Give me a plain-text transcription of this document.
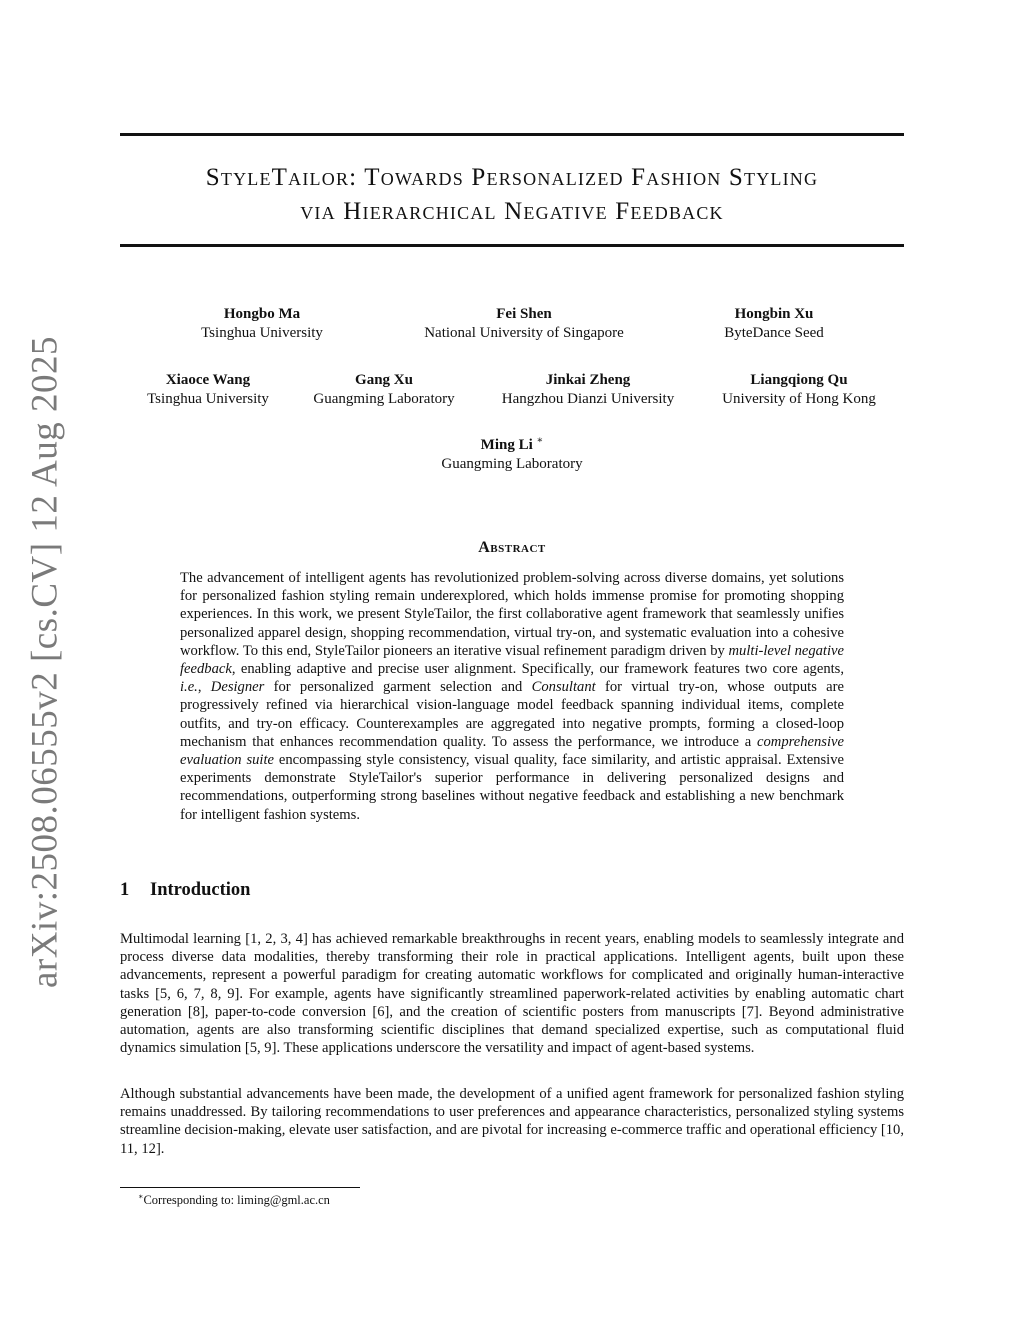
arXiv:2508.06555v2 [cs.CV] 12 Aug 2025
StyleTailor: Towards Personalized Fashion Styling
via Hierarchical Negative Feedback
Hongbo Ma
Tsinghua University
Fei Shen
National University of Singapore
Hongbin Xu
ByteDance Seed
Xiaoce Wang
Tsinghua University
Gang Xu
Guangming Laboratory
Jinkai Zheng
Hangzhou Dianzi University
Liangqiong Qu
University of Hong Kong
Ming Li ∗
Guangming Laboratory
Abstract

The advancement of intelligent agents has revolutionized problem-solving across diverse domains, yet solutions for personalized fashion styling remain underexplored, which holds immense promise for promoting shopping experiences. In this work, we present StyleTailor, the first collaborative agent framework that seamlessly unifies personalized apparel design, shopping recommendation, virtual try-on, and systematic evaluation into a cohesive workflow. To this end, StyleTailor pioneers an iterative visual refinement paradigm driven by multi-level negative feedback, enabling adaptive and precise user alignment. Specifically, our framework features two core agents, i.e., Designer for personalized garment selection and Consultant for virtual try-on, whose outputs are progressively refined via hierarchical vision-language model feedback spanning individual items, complete outfits, and try-on efficacy. Counterexamples are aggregated into negative prompts, forming a closed-loop mechanism that enhances recommendation quality. To assess the performance, we introduce a comprehensive evaluation suite encompassing style consistency, visual quality, face similarity, and artistic appraisal. Extensive experiments demonstrate StyleTailor's superior performance in delivering personalized designs and recommendations, outperforming strong baselines without negative feedback and establishing a new benchmark for intelligent fashion systems.

1 Introduction

Multimodal learning [1, 2, 3, 4] has achieved remarkable breakthroughs in recent years, enabling models to seamlessly integrate and process diverse data modalities, thereby transforming their role in practical applications. Intelligent agents, built upon these advancements, represent a powerful paradigm for creating automatic workflows for complicated and originally human-interactive tasks [5, 6, 7, 8, 9]. For example, agents have significantly streamlined paperwork-related activities by enabling automatic chart generation [8], paper-to-code conversion [6], and the creation of scientific posters from manuscripts [7]. Beyond administrative automation, agents are also transforming scientific disciplines that demand specialized expertise, such as computational fluid dynamics simulation [5, 9]. These applications underscore the versatility and impact of agent-based systems.

Although substantial advancements have been made, the development of a unified agent framework for personalized fashion styling remains unaddressed. By tailoring recommendations to user preferences and appearance characteristics, personalized styling systems streamline decision-making, elevate user satisfaction, and are pivotal for increasing e-commerce traffic and operational efficiency [10, 11, 12].

∗Corresponding to: liming@gml.ac.cn
